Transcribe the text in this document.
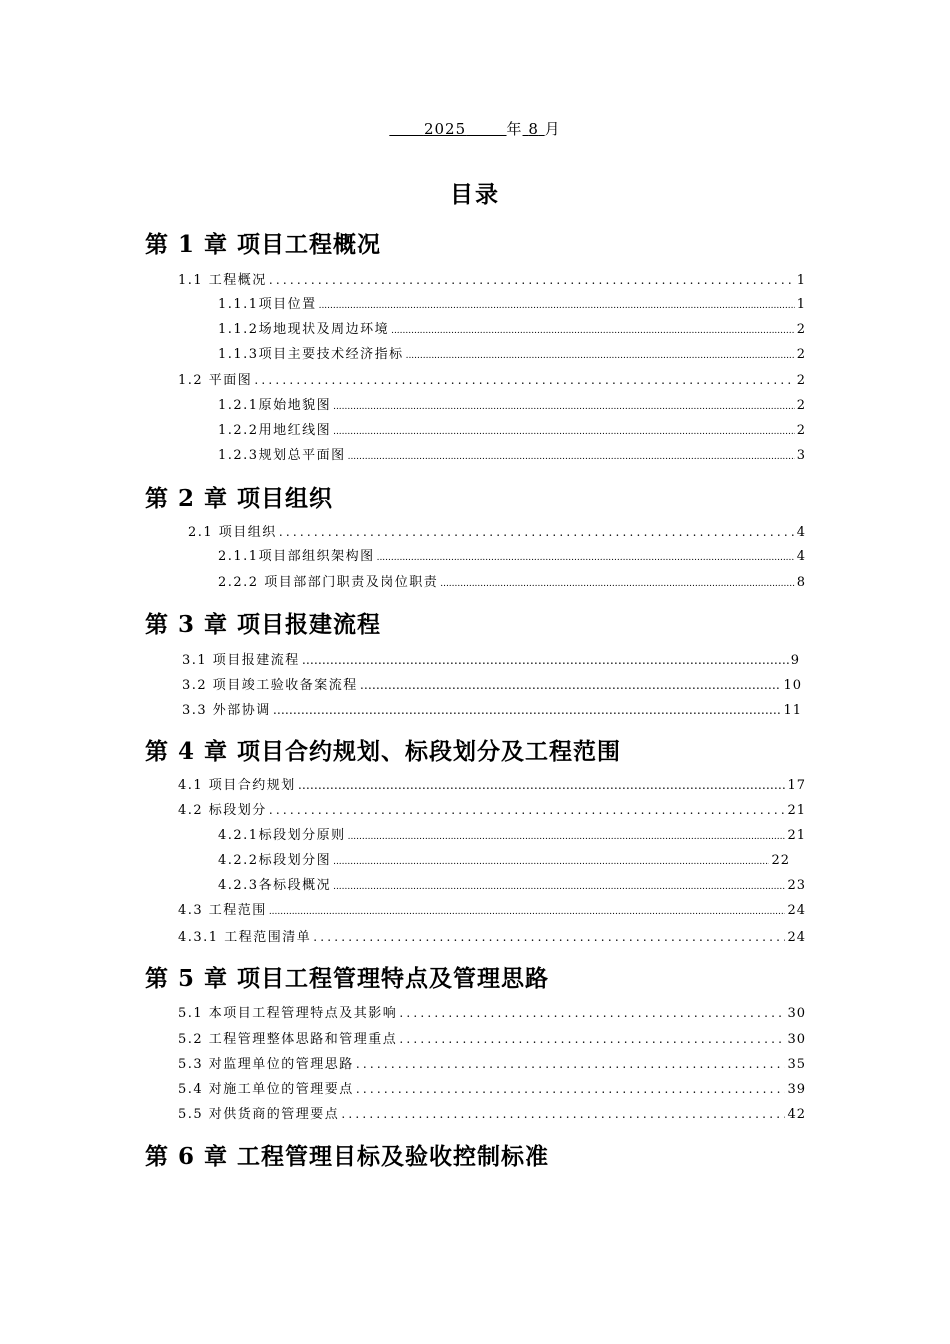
2025	年 8 月
目录
第 1 章 项目工程概况
1.1 工程概况 .....	1
1.1.1项目位置 .....	1
1.1.2场地现状及周边环境 .....	2
1.1.3项目主要技术经济指标 .....	2
1.2 平面图 .....	2
1.2.1原始地貌图 .....	2
1.2.2用地红线图 .....	2
1.2.3规划总平面图 .....	3
第 2 章 项目组织
2.1 项目组织 .....	4
2.1.1项目部组织架构图 .....	4
2.2.2 项目部部门职责及岗位职责 .....	8
第 3 章 项目报建流程
3.1 项目报建流程 …………………………………………………………………………………………………………………………………………………………………………	9
3.2 项目竣工验收备案流程 …………………………………………………………………………………………………………………………………………………………………………	10
3.3 外部协调 …………………………………………………………………………………………………………………………………………………………………………	11
第 4 章 项目合约规划、标段划分及工程范围
4.1 项目合约规划 …………………………………………………………………………………………………………………………………………………………………………	17
4.2 标段划分 .....	21
4.2.1标段划分原则 .....	21
4.2.2标段划分图 .....	22
4.2.3各标段概况 .....	23
4.3 工程范围 .....	24
4.3.1 工程范围清单 .....	24
第 5 章 项目工程管理特点及管理思路
5.1 本项目工程管理特点及其影响 .....	30
5.2 工程管理整体思路和管理重点 .....	30
5.3 对监理单位的管理思路 .....	35
5.4 对施工单位的管理要点 .....	39
5.5 对供货商的管理要点 .....	42
第 6 章 工程管理目标及验收控制标准
